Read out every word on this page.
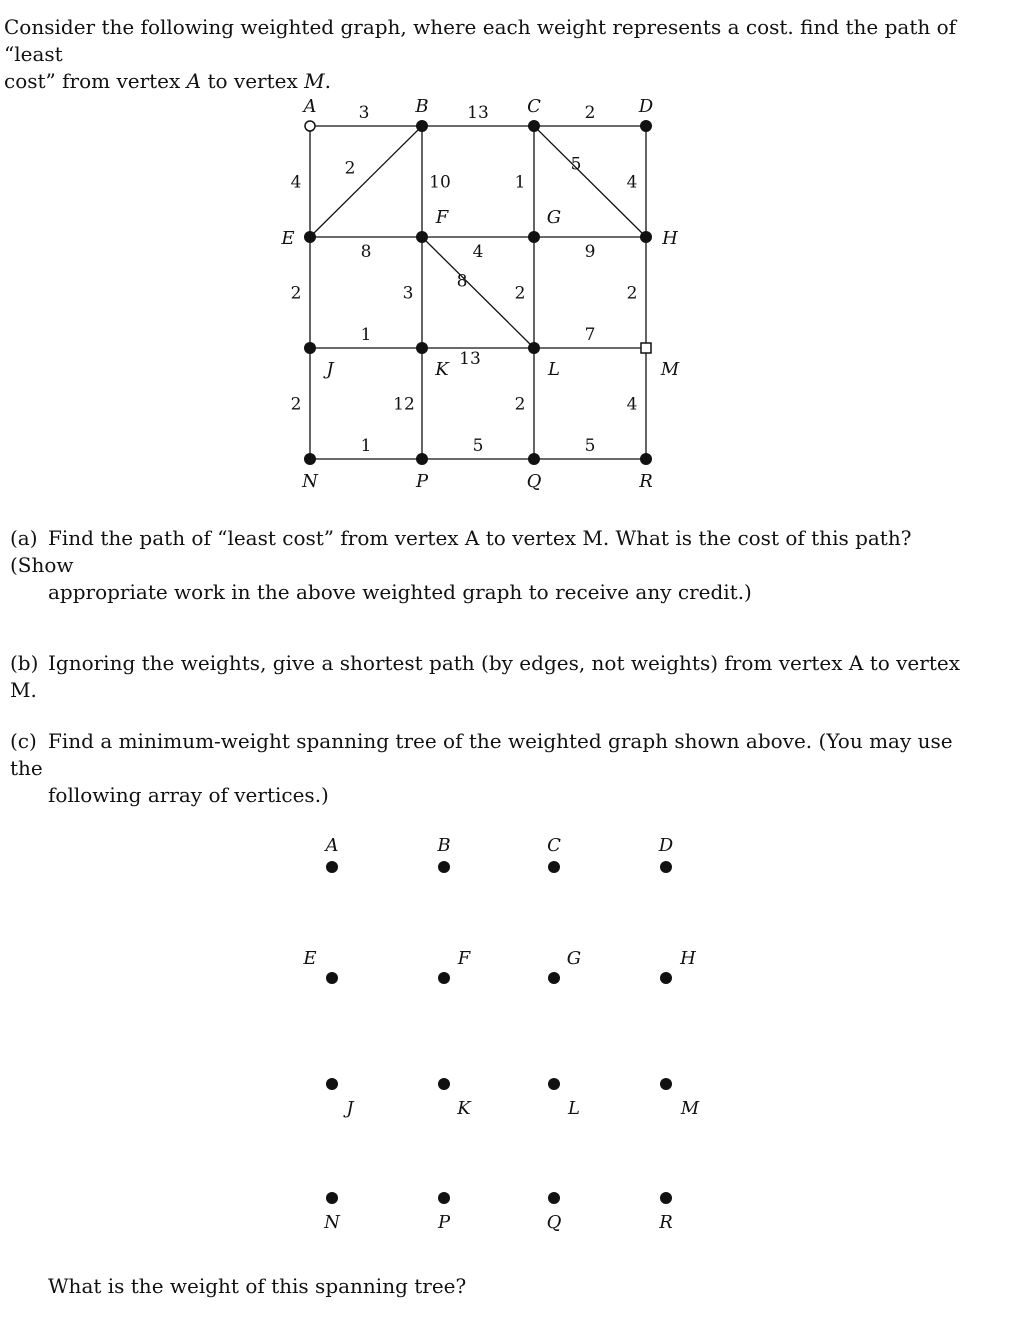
Consider the following weighted graph, where each weight represents a cost. find the path of “least
cost” from vertex A to vertex M.
3	13	2
4
2
10	1
5
4
8	4	9
2	3
8
2	2
1
13
7
2	12	2	4
1	5	5
A	B	C	D
E
F	G
H
J	K	L	M
N	P	Q	R
(a) Find the path of “least cost” from vertex A to vertex M. What is the cost of this path? (Show
appropriate work in the above weighted graph to receive any credit.)
(b) Ignoring the weights, give a shortest path (by edges, not weights) from vertex A to vertex M.
(c) Find a minimum-weight spanning tree of the weighted graph shown above. (You may use the
following array of vertices.)
A	B	C	D
E	F	G	H
J	K	L	M
N	P	Q	R
What is the weight of this spanning tree?
